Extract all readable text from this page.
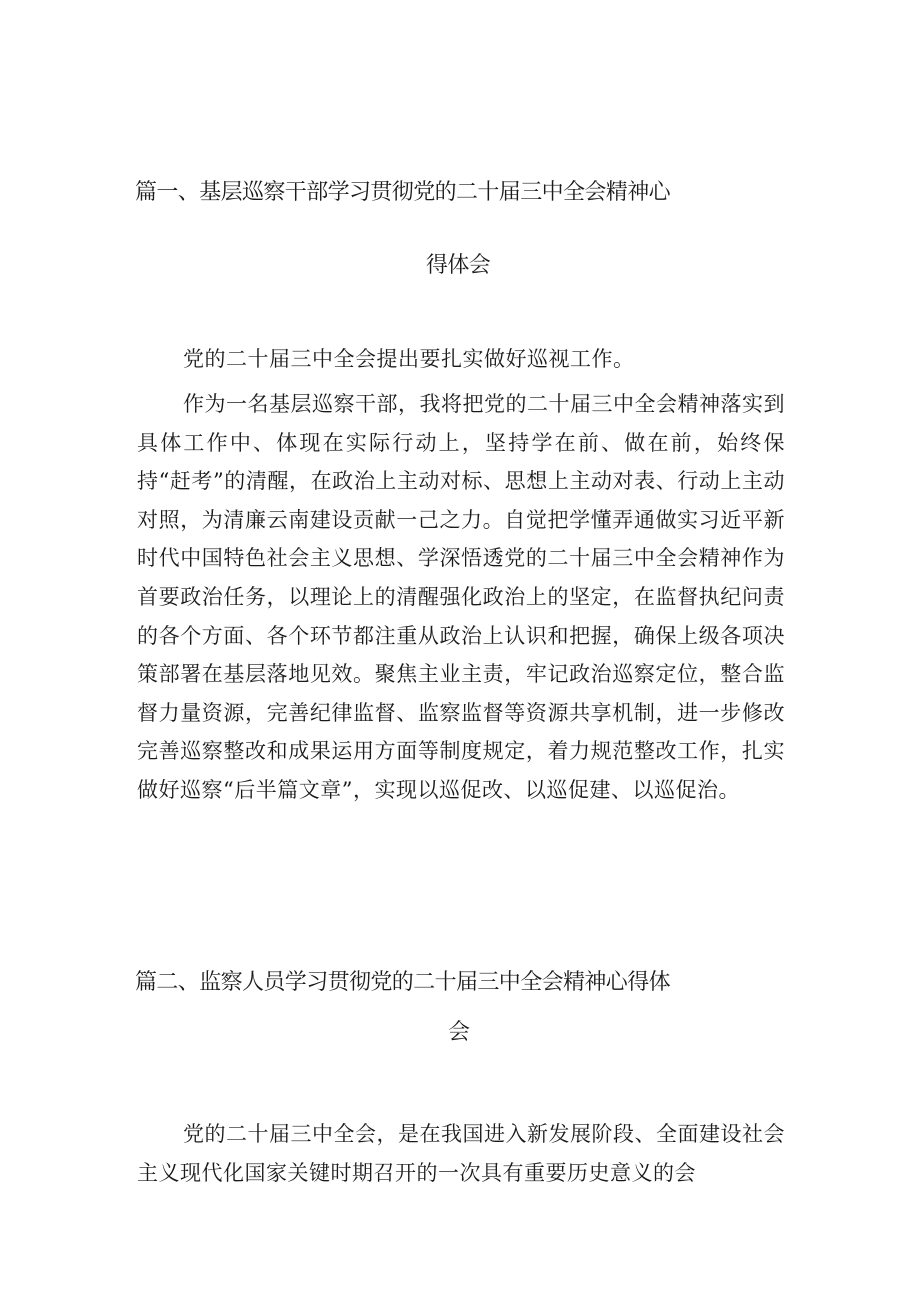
篇一、基层巡察干部学习贯彻党的二十届三中全会精神心
得体会

党的二十届三中全会提出要扎实做好巡视工作。

作为一名基层巡察干部，我将把党的二十届三中全会精神落实到具体工作中、体现在实际行动上，坚持学在前、做在前，始终保持“赶考”的清醒，在政治上主动对标、思想上主动对表、行动上主动对照，为清廉云南建设贡献一己之力。自觉把学懂弄通做实习近平新时代中国特色社会主义思想、学深悟透党的二十届三中全会精神作为首要政治任务，以理论上的清醒强化政治上的坚定，在监督执纪问责的各个方面、各个环节都注重从政治上认识和把握，确保上级各项决策部署在基层落地见效。聚焦主业主责，牢记政治巡察定位，整合监督力量资源，完善纪律监督、监察监督等资源共享机制，进一步修改完善巡察整改和成果运用方面等制度规定，着力规范整改工作，扎实做好巡察“后半篇文章”，实现以巡促改、以巡促建、以巡促治。

篇二、监察人员学习贯彻党的二十届三中全会精神心得体
会

党的二十届三中全会，是在我国进入新发展阶段、全面建设社会主义现代化国家关键时期召开的一次具有重要历史意义的会
